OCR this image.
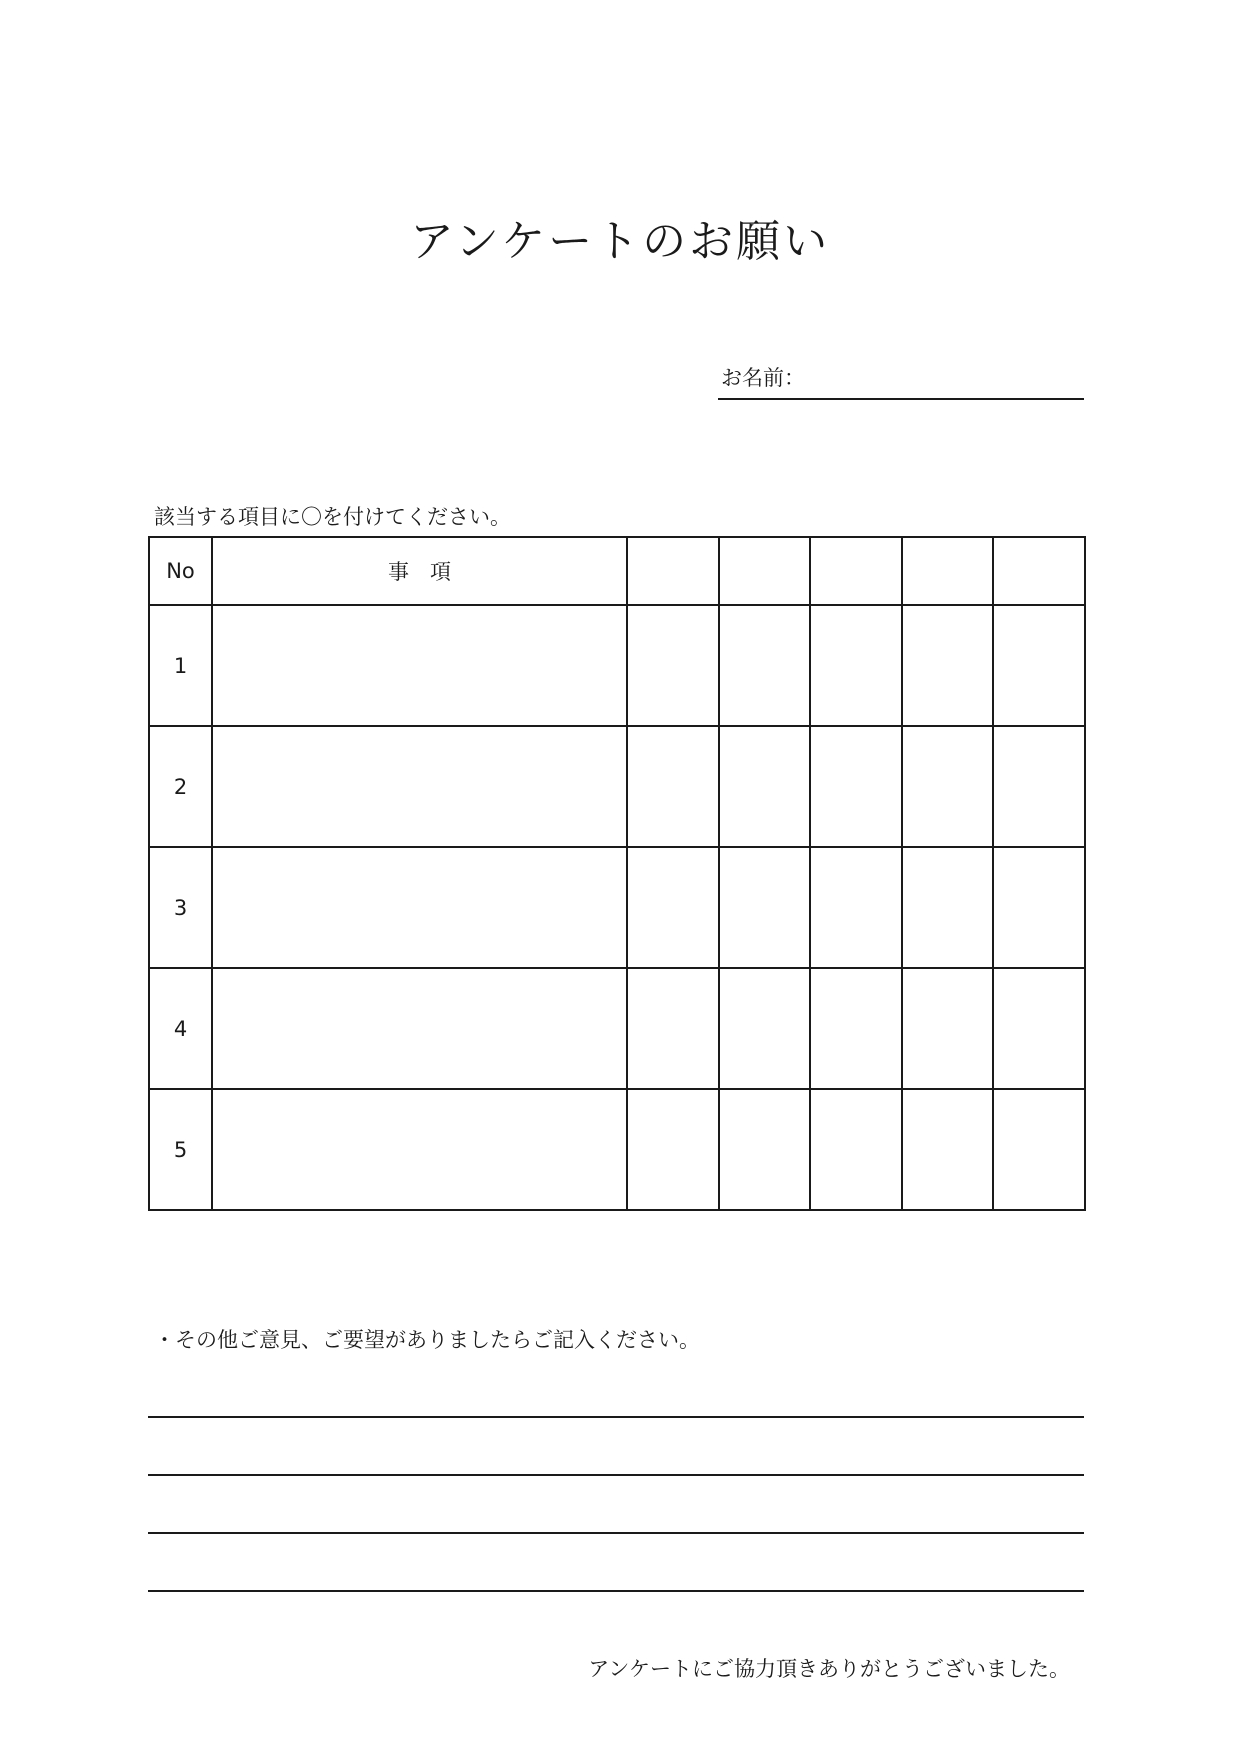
アンケートのお願い
お名前：
該当する項目に〇を付けてください。
No	事　項					
1						
2						
3						
4						
5						
・その他ご意見、ご要望がありましたらご記入ください。
アンケートにご協力頂きありがとうございました。
